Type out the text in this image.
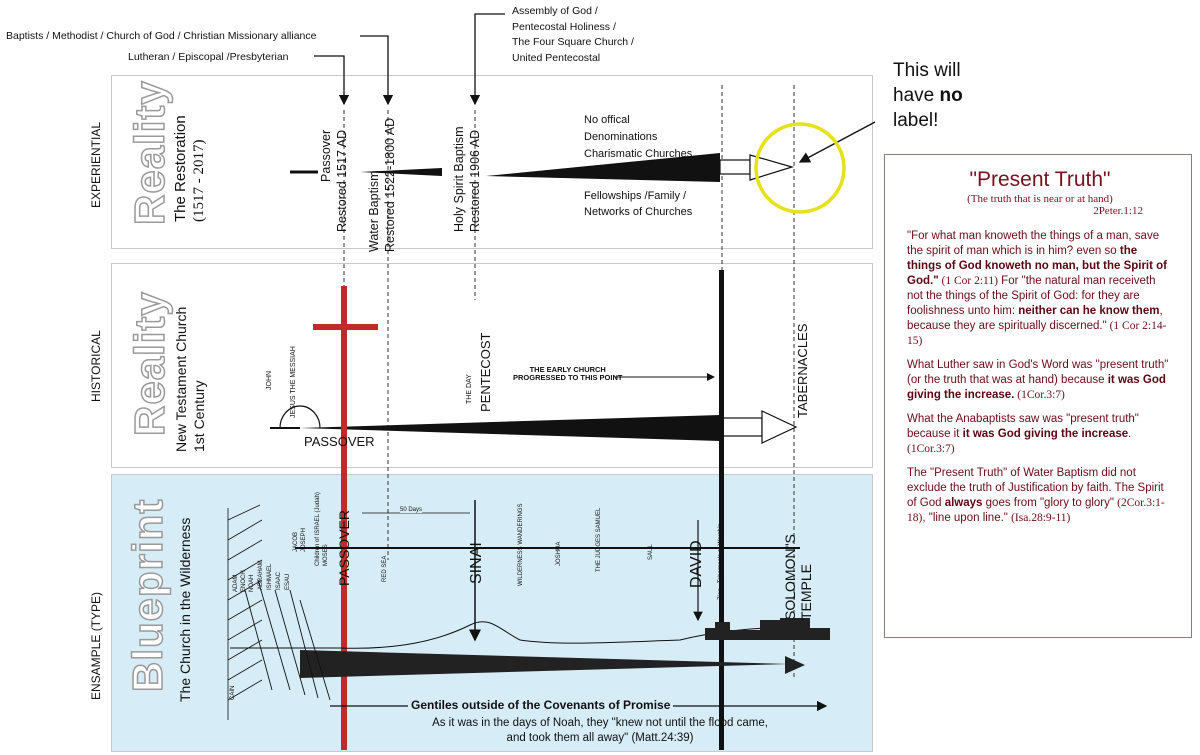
Baptists / Methodist / Church of God / Christian Missionary alliance
Lutheran / Episcopal /Presbyterian
Assembly of God /
Pentecostal Holiness /
The Four Square Church /
United Pentecostal
This will
have no
label!
EXPERIENTIAL Reality The Restoration (1517 - 2017)	Passover Restored 1517 AD Water Baptism Restored 1522-1800 AD	Holy Spirit Baptism Restored 1906 AD
No offical
Denominations
Charismatic Churches
Fellowships /Family /
Networks of Churches
HISTORICAL Reality New Testament Church 1st Century	JOHN JESUS THE MESSIAH
PASSOVER
THE DAY PENTECOST	THE EARLY CHURCH
PROGRESSED TO THIS POINT	TABERNACLES
ENSAMPLE (TYPE) Blueprint The Church in the Wilderness
50 Days
ADAM ENOCH NOAH ABRAHAM ISHMAEL ISAAC ESAU
JACOB JOSEPH Children of ISRAEL (Judah) MOSES
CAIN
PASSOVER	RED SEA	SINAI	WILDERNESS WANDERINGS	JOSHUA	THE JUDGES SAMUEL	SAUL DAVID Zion - Tabernacle of Worship	SOLOMON"S TEMPLE
Gentiles outside of the Covenants of Promise
As it was in the days of Noah, they "knew not until the flood came,
and took them all away" (Matt.24:39)
"Present Truth"
(The truth that is near or at hand)
2Peter.1:12

"For what man knoweth the things of a man, save the spirit of man which is in him? even so the things of God knoweth no man, but the Spirit of God." (1 Cor 2:11) For "the natural man receiveth not the things of the Spirit of God: for they are foolishness unto him: neither can he know them, because they are spiritually discerned." (1 Cor 2:14-15)

What Luther saw in God's Word was "present truth" (or the truth that was at hand) because it was God giving the increase. (1Cor.3:7)

What the Anabaptists saw was "present truth" because it it was God giving the increase. (1Cor.3:7)

The "Present Truth" of Water Baptism did not exclude the truth of Justification by faith. The Spirit of God always goes from "glory to glory" (2Cor.3:1-18), "line upon line." (Isa.28:9-11)
